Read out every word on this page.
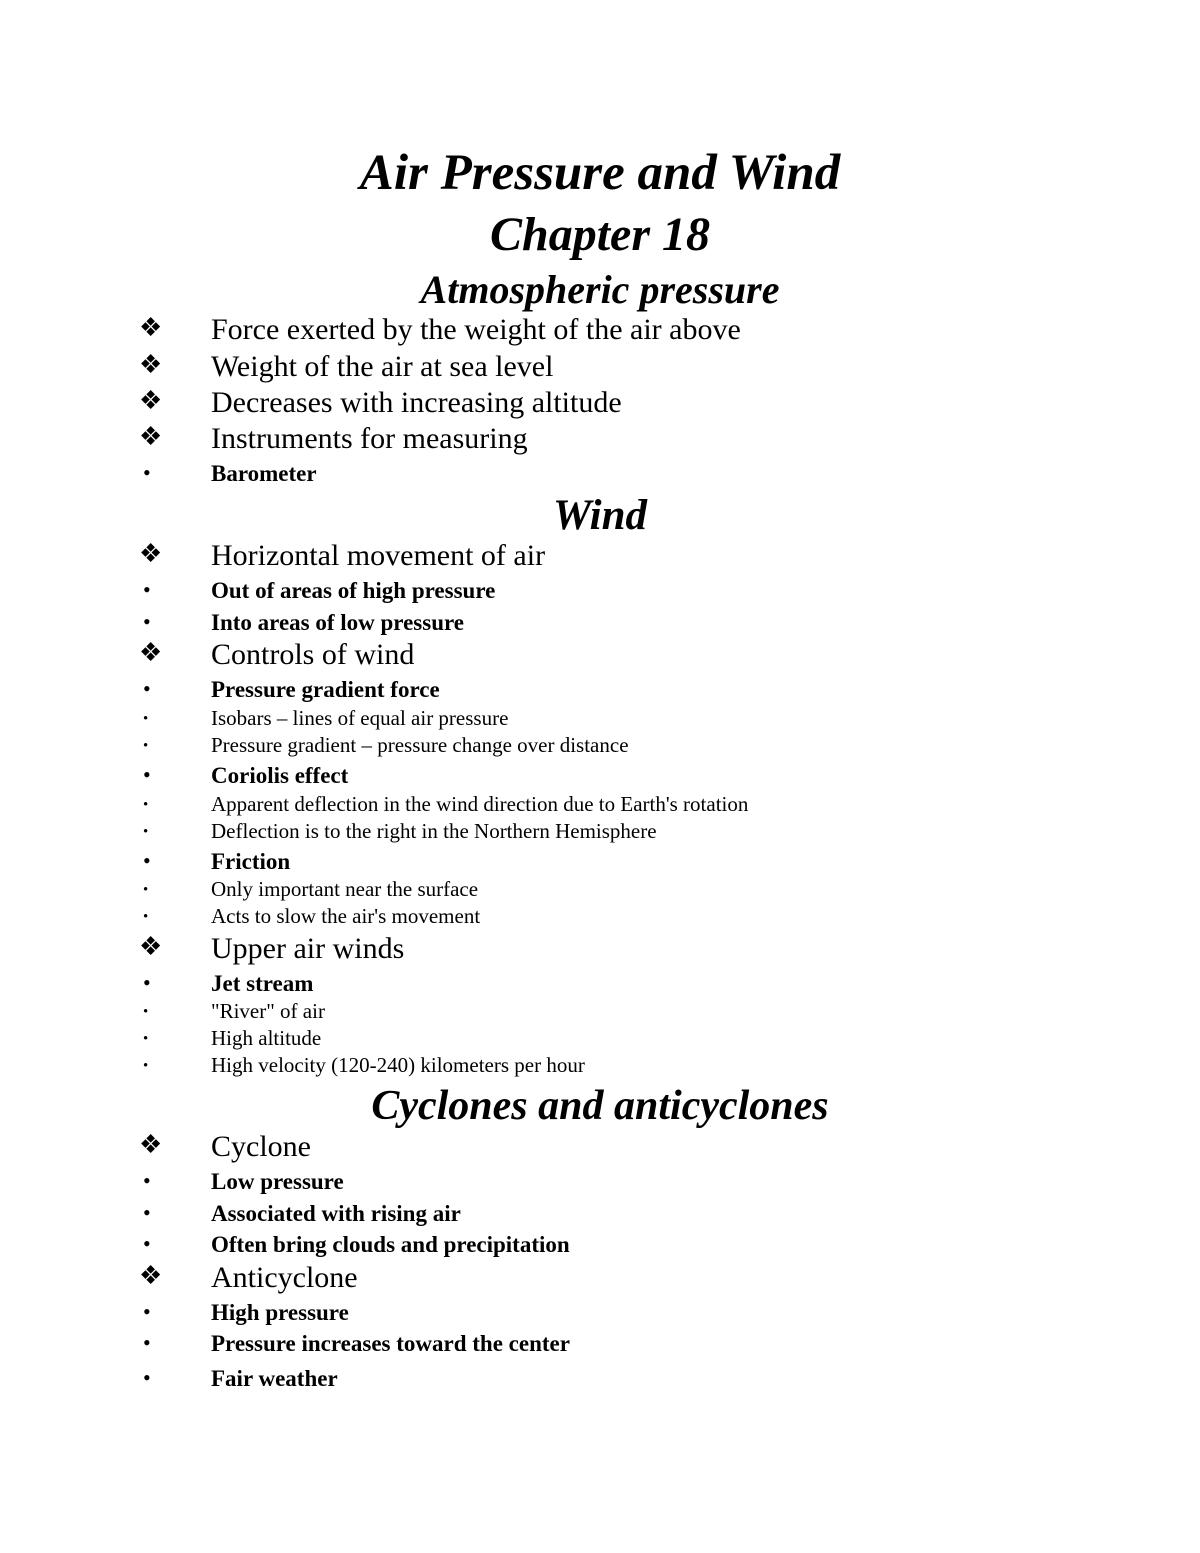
Air Pressure and Wind
Chapter 18
Atmospheric pressure
❖ Force exerted by the weight of the air above
❖ Weight of the air at sea level
❖ Decreases with increasing altitude
❖ Instruments for measuring
•	Barometer
Wind
❖ Horizontal movement of air
•	Out of areas of high pressure
•	Into areas of low pressure
❖ Controls of wind
•	Pressure gradient force
•	Isobars – lines of equal air pressure
•	Pressure gradient – pressure change over distance
•	Coriolis effect
•	Apparent deflection in the wind direction due to Earth's rotation
•	Deflection is to the right in the Northern Hemisphere
•	Friction
•	Only important near the surface
•	Acts to slow the air's movement
❖ Upper air winds
•	Jet stream
•	"River" of air
•	High altitude
•	High velocity (120-240) kilometers per hour
Cyclones and anticyclones
❖ Cyclone
•	Low pressure
•	Associated with rising air
•	Often bring clouds and precipitation
❖ Anticyclone
•	High pressure
•	Pressure increases toward the center
•	Fair weather
